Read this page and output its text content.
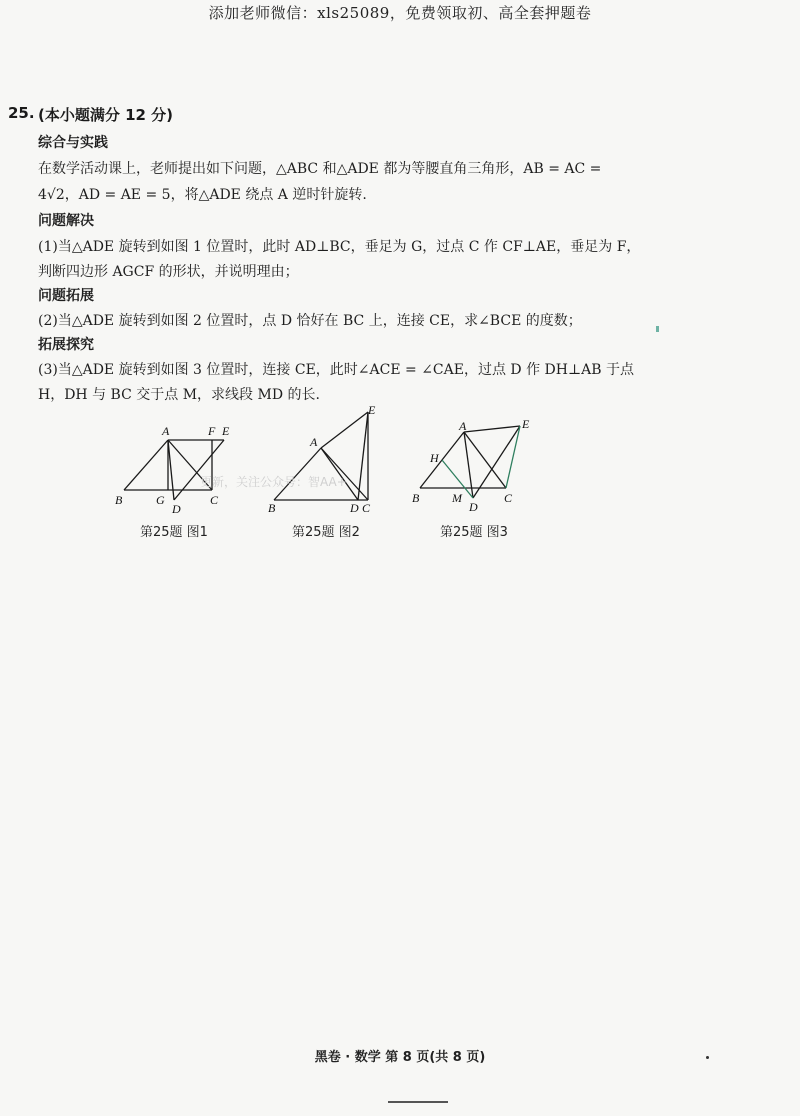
添加老师微信：xls25089，免费领取初、高全套押题卷
25. (本小题满分 12 分)
综合与实践
在数学活动课上，老师提出如下问题，△ABC 和△ADE 都为等腰直角三角形，AB = AC =
4√2，AD = AE = 5，将△ADE 绕点 A 逆时针旋转.
问题解决
(1)当△ADE 旋转到如图 1 位置时，此时 AD⊥BC，垂足为 G，过点 C 作 CF⊥AE，垂足为 F，
判断四边形 AGCF 的形状，并说明理由；
问题拓展
(2)当△ADE 旋转到如图 2 位置时，点 D 恰好在 BC 上，连接 CE，求∠BCE 的度数；
拓展探究
(3)当△ADE 旋转到如图 3 位置时，连接 CE，此时∠ACE = ∠CAE，过点 D 作 DH⊥AB 于点
H，DH 与 BC 交于点 M，求线段 MD 的长.
A	F E
B	G
D
C
第25题 图1
E
A
B	D C
第25题 图2
A	E
H
B	M
D
C
第25题 图3
更新，关注公众号：智AA+
黑卷 · 数学 第 8 页(共 8 页)
